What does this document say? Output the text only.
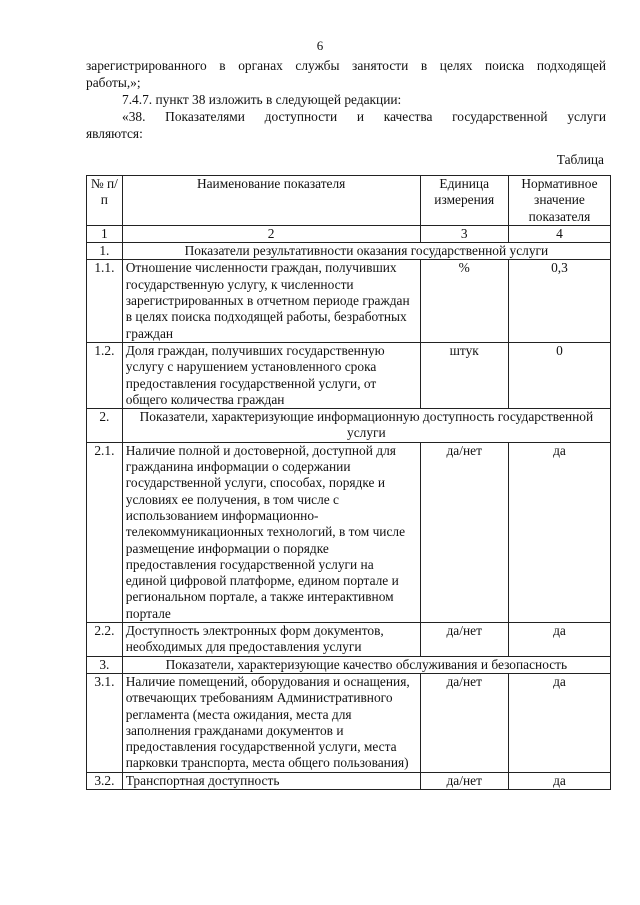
6

зарегистрированного в органах службы занятости в целях поиска подходящей

работы,»;

7.4.7. пункт 38 изложить в следующей редакции:

«38. Показателями доступности и качества государственной услуги

являются:

Таблица

№ п/п	Наименование показателя	Единица измерения	Нормативное значение показателя
1	2	3	4
1.	Показатели результативности оказания государственной услуги		
1.1.	Отношение численности граждан, получивших государственную услугу, к численности зарегистрированных в отчетном периоде граждан в целях поиска подходящей работы, безработных граждан	%	0,3
1.2.	Доля граждан, получивших государственную услугу с нарушением установленного срока предоставления государственной услуги, от общего количества граждан	штук	0
2.	Показатели, характеризующие информационную доступность государственной услуги		
2.1.	Наличие полной и достоверной, доступной для гражданина информации о содержании государственной услуги, способах, порядке и условиях ее получения, в том числе с использованием информационно-телекоммуникационных технологий, в том числе размещение информации о порядке предоставления государственной услуги на единой цифровой платформе, едином портале и региональном портале, а также интерактивном портале	да/нет	да
2.2.	Доступность электронных форм документов, необходимых для предоставления услуги	да/нет	да
3.	Показатели, характеризующие качество обслуживания и безопасность		
3.1.	Наличие помещений, оборудования и оснащения, отвечающих требованиям Административного регламента (места ожидания, места для заполнения гражданами документов и предоставления государственной услуги, места парковки транспорта, места общего пользования)	да/нет	да
3.2.	Транспортная доступность	да/нет	да
